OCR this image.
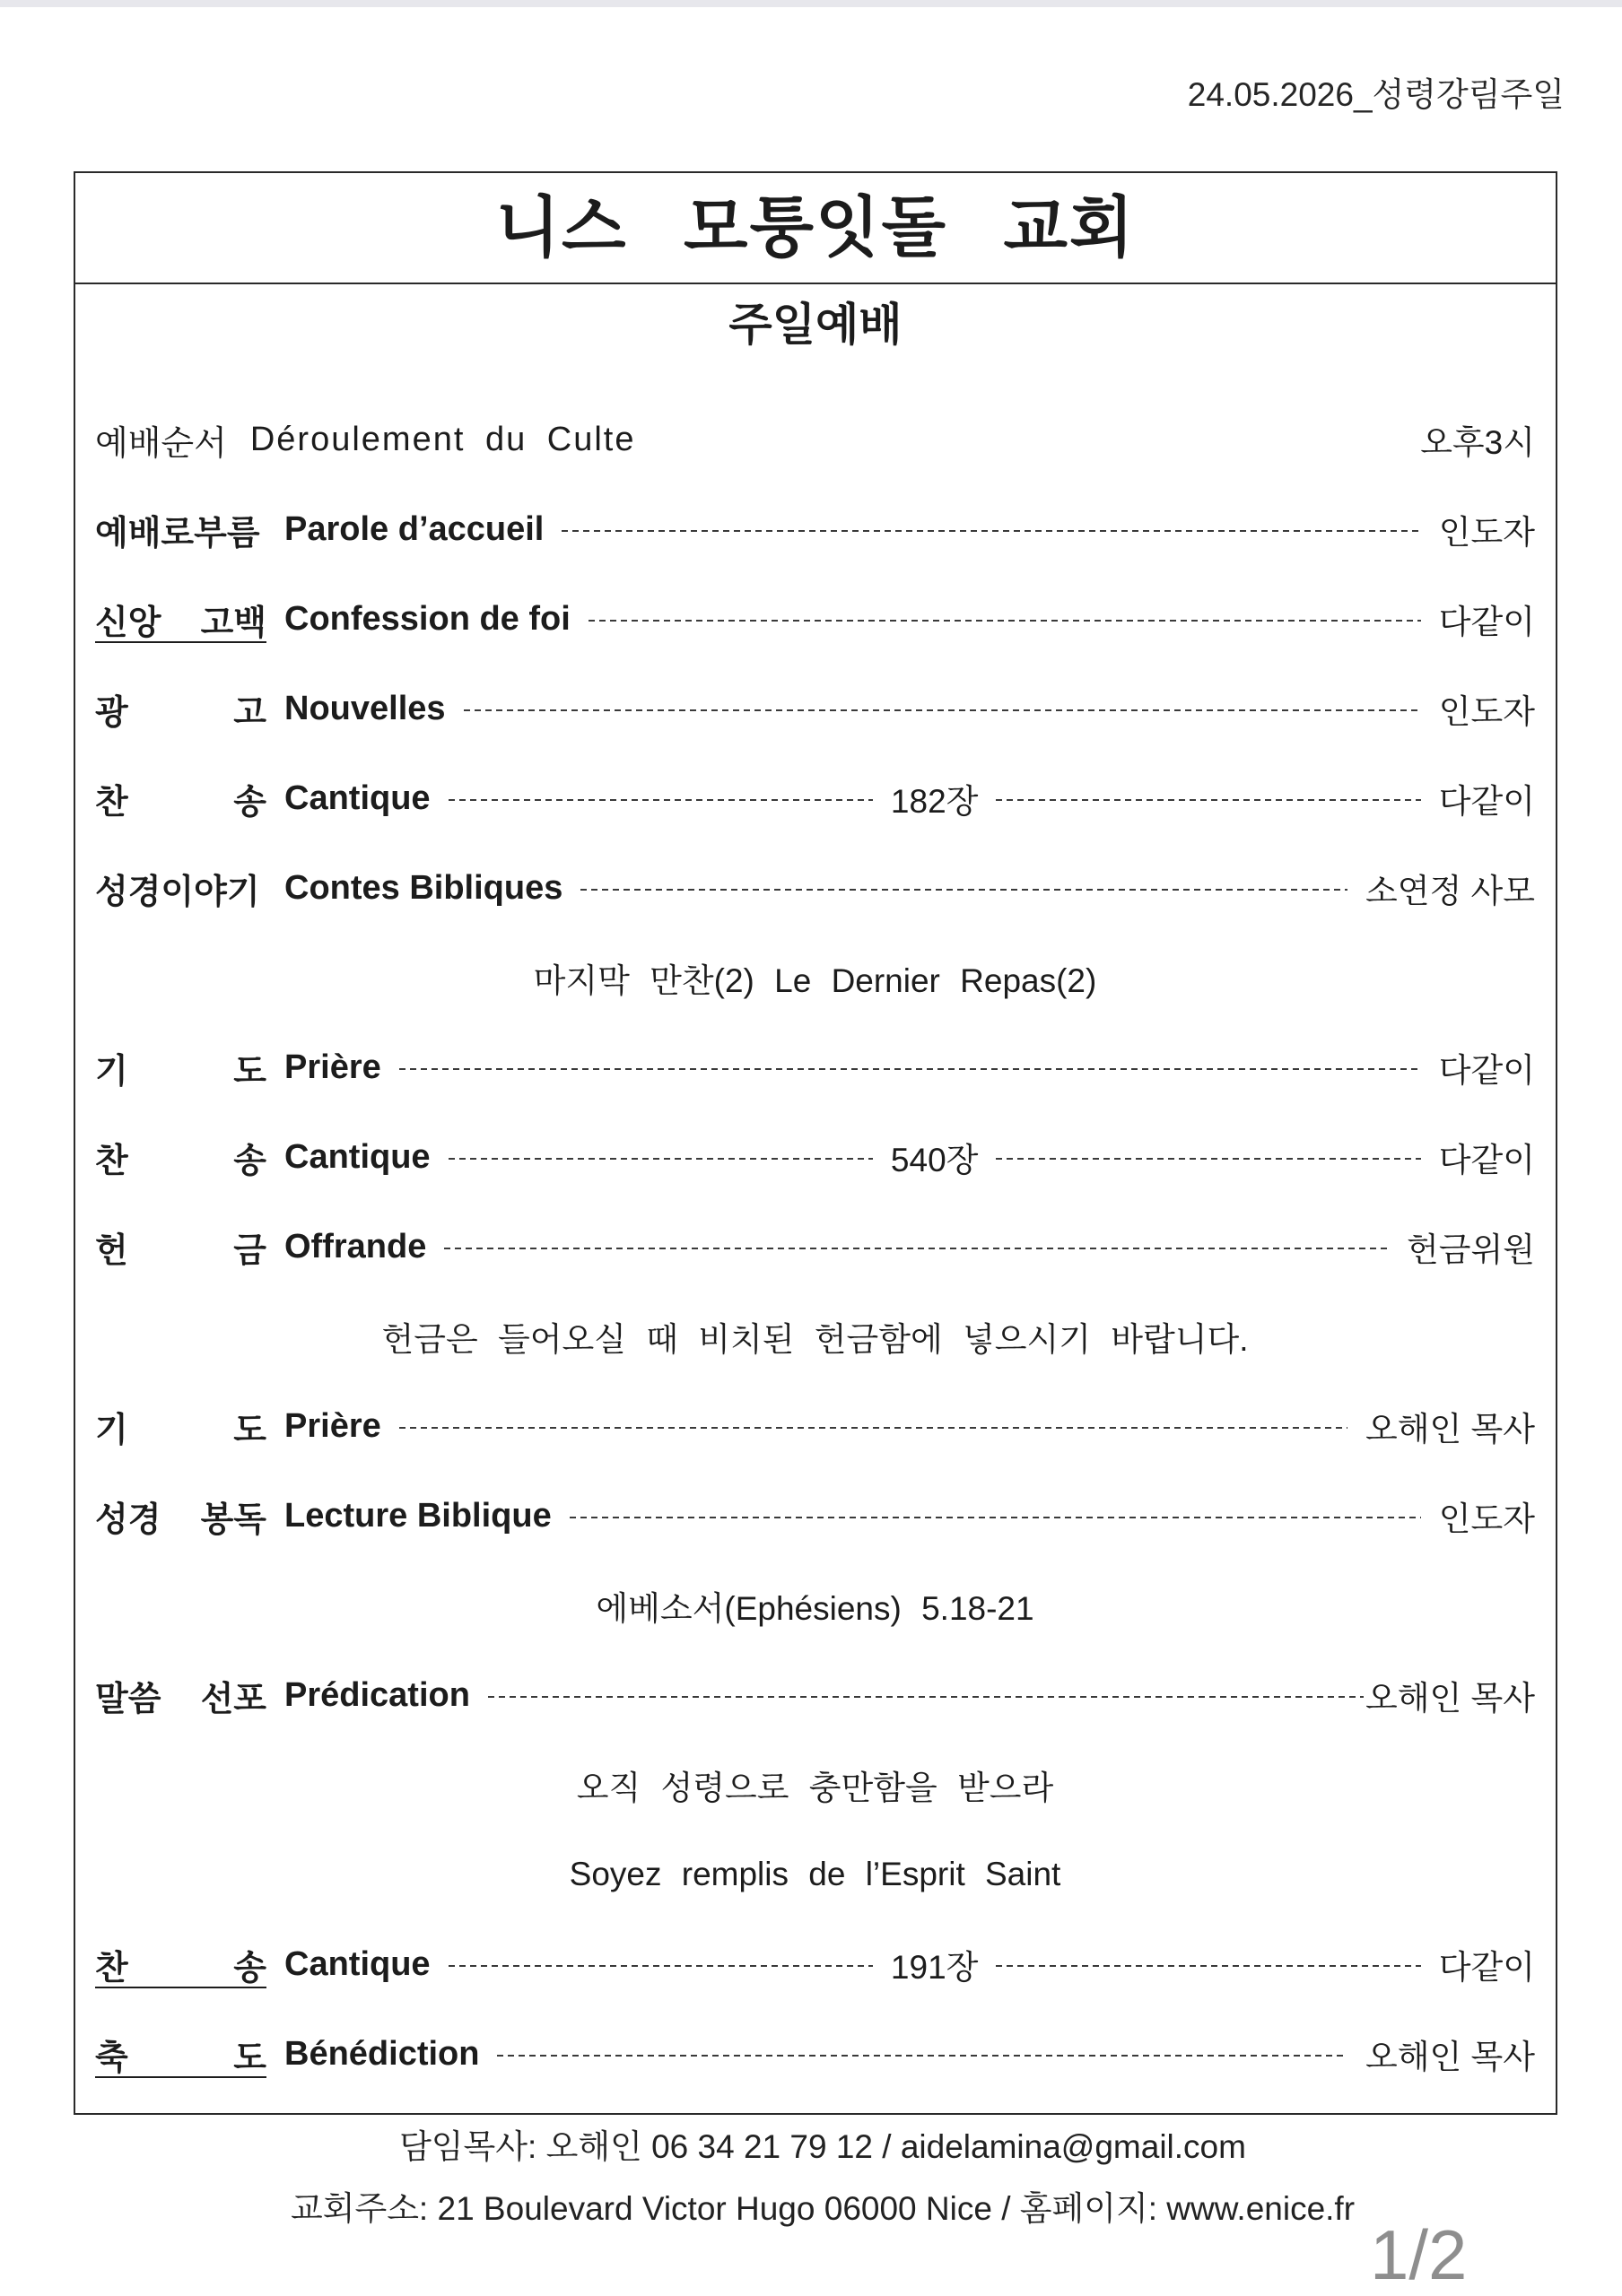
24.05.2026_성령강림주일
니스 모퉁잇돌 교회
주일예배
예배순서 Déroulement du Culte	오후3시
예배로부름 Parole d’accueil	인도자
신앙 고백 Confession de foi	다같이
광 고 Nouvelles	인도자
찬 송 Cantique	182장	다같이
성경이야기 Contes Bibliques	소연정 사모
마지막 만찬(2) Le Dernier Repas(2)
기 도 Prière	다같이
찬 송 Cantique	540장	다같이
헌 금 Offrande	헌금위원
헌금은 들어오실 때 비치된 헌금함에 넣으시기 바랍니다.
기 도 Prière	오해인 목사
성경 봉독 Lecture Biblique	인도자
에베소서(Ephésiens) 5.18-21
말씀 선포 Prédication	오해인 목사
오직 성령으로 충만함을 받으라
Soyez remplis de l’Esprit Saint
찬 송 Cantique	191장	다같이
축 도 Bénédiction	오해인 목사
담임목사: 오해인 06 34 21 79 12 / aidelamina@gmail.com
교회주소: 21 Boulevard Victor Hugo 06000 Nice / 홈페이지: www.enice.fr
1/2
